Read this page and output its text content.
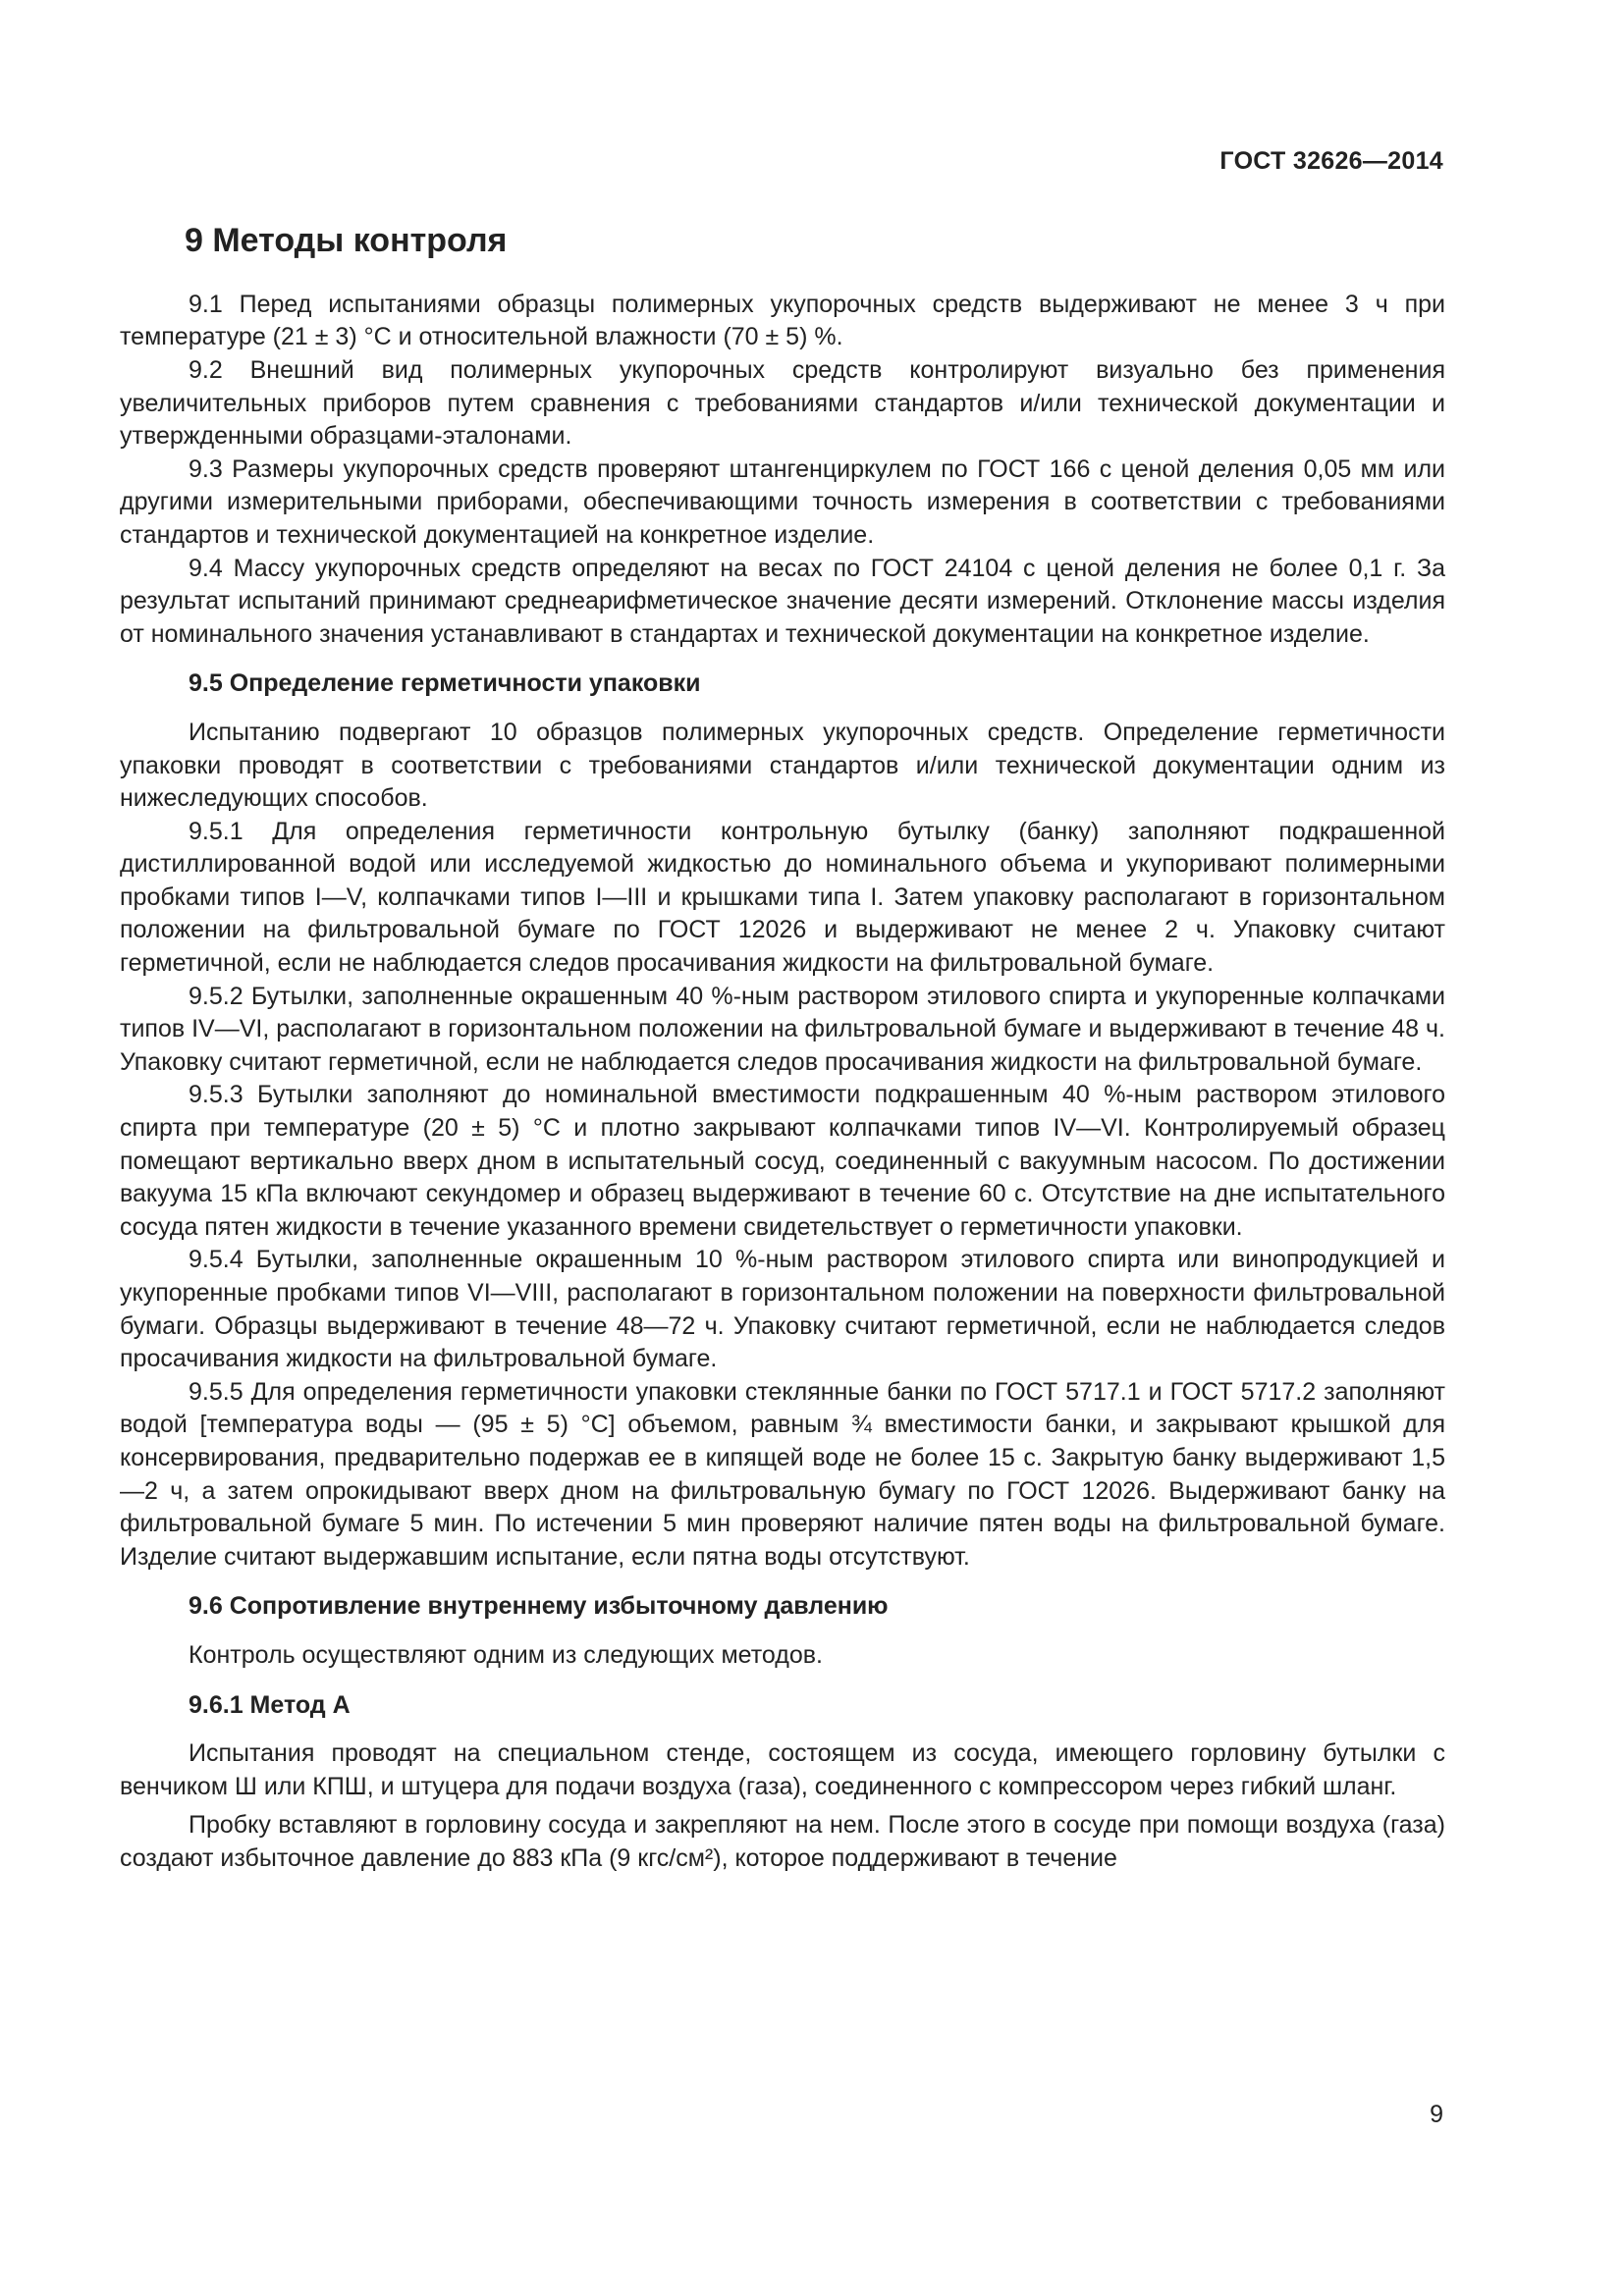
ГОСТ 32626—2014
9 Методы контроля

9.1 Перед испытаниями образцы полимерных укупорочных средств выдерживают не менее 3 ч при температуре (21 ± 3) °С и относительной влажности (70 ± 5) %.

9.2 Внешний вид полимерных укупорочных средств контролируют визуально без применения увеличительных приборов путем сравнения с требованиями стандартов и/или технической документации и утвержденными образцами-эталонами.

9.3 Размеры укупорочных средств проверяют штангенциркулем по ГОСТ 166 с ценой деления 0,05 мм или другими измерительными приборами, обеспечивающими точность измерения в соответствии с требованиями стандартов и технической документацией на конкретное изделие.

9.4 Массу укупорочных средств определяют на весах по ГОСТ 24104 с ценой деления не более 0,1 г. За результат испытаний принимают среднеарифметическое значение десяти измерений. Отклонение массы изделия от номинального значения устанавливают в стандартах и технической документации на конкретное изделие.

9.5 Определение герметичности упаковки

Испытанию подвергают 10 образцов полимерных укупорочных средств. Определение герметичности упаковки проводят в соответствии с требованиями стандартов и/или технической документации одним из нижеследующих способов.

9.5.1 Для определения герметичности контрольную бутылку (банку) заполняют подкрашенной дистиллированной водой или исследуемой жидкостью до номинального объема и укупоривают полимерными пробками типов I—V, колпачками типов I—III и крышками типа I. Затем упаковку располагают в горизонтальном положении на фильтровальной бумаге по ГОСТ 12026 и выдерживают не менее 2 ч. Упаковку считают герметичной, если не наблюдается следов просачивания жидкости на фильтровальной бумаге.

9.5.2 Бутылки, заполненные окрашенным 40 %-ным раствором этилового спирта и укупоренные колпачками типов IV—VI, располагают в горизонтальном положении на фильтровальной бумаге и выдерживают в течение 48 ч. Упаковку считают герметичной, если не наблюдается следов просачивания жидкости на фильтровальной бумаге.

9.5.3 Бутылки заполняют до номинальной вместимости подкрашенным 40 %-ным раствором этилового спирта при температуре (20 ± 5) °С и плотно закрывают колпачками типов IV—VI. Контролируемый образец помещают вертикально вверх дном в испытательный сосуд, соединенный с вакуумным насосом. По достижении вакуума 15 кПа включают секундомер и образец выдерживают в течение 60 с. Отсутствие на дне испытательного сосуда пятен жидкости в течение указанного времени свидетельствует о герметичности упаковки.

9.5.4 Бутылки, заполненные окрашенным 10 %-ным раствором этилового спирта или винопродукцией и укупоренные пробками типов VI—VIII, располагают в горизонтальном положении на поверхности фильтровальной бумаги. Образцы выдерживают в течение 48—72 ч. Упаковку считают герметичной, если не наблюдается следов просачивания жидкости на фильтровальной бумаге.

9.5.5 Для определения герметичности упаковки стеклянные банки по ГОСТ 5717.1 и ГОСТ 5717.2 заполняют водой [температура воды — (95 ± 5) °С] объемом, равным ¾ вместимости банки, и закрывают крышкой для консервирования, предварительно подержав ее в кипящей воде не более 15 с. Закрытую банку выдерживают 1,5—2 ч, а затем опрокидывают вверх дном на фильтровальную бумагу по ГОСТ 12026. Выдерживают банку на фильтровальной бумаге 5 мин. По истечении 5 мин проверяют наличие пятен воды на фильтровальной бумаге. Изделие считают выдержавшим испытание, если пятна воды отсутствуют.

9.6 Сопротивление внутреннему избыточному давлению

Контроль осуществляют одним из следующих методов.

9.6.1 Метод А

Испытания проводят на специальном стенде, состоящем из сосуда, имеющего горловину бутылки с венчиком Ш или КПШ, и штуцера для подачи воздуха (газа), соединенного с компрессором через гибкий шланг.

Пробку вставляют в горловину сосуда и закрепляют на нем. После этого в сосуде при помощи воздуха (газа) создают избыточное давление до 883 кПа (9 кгс/см²), которое поддерживают в течение

9
